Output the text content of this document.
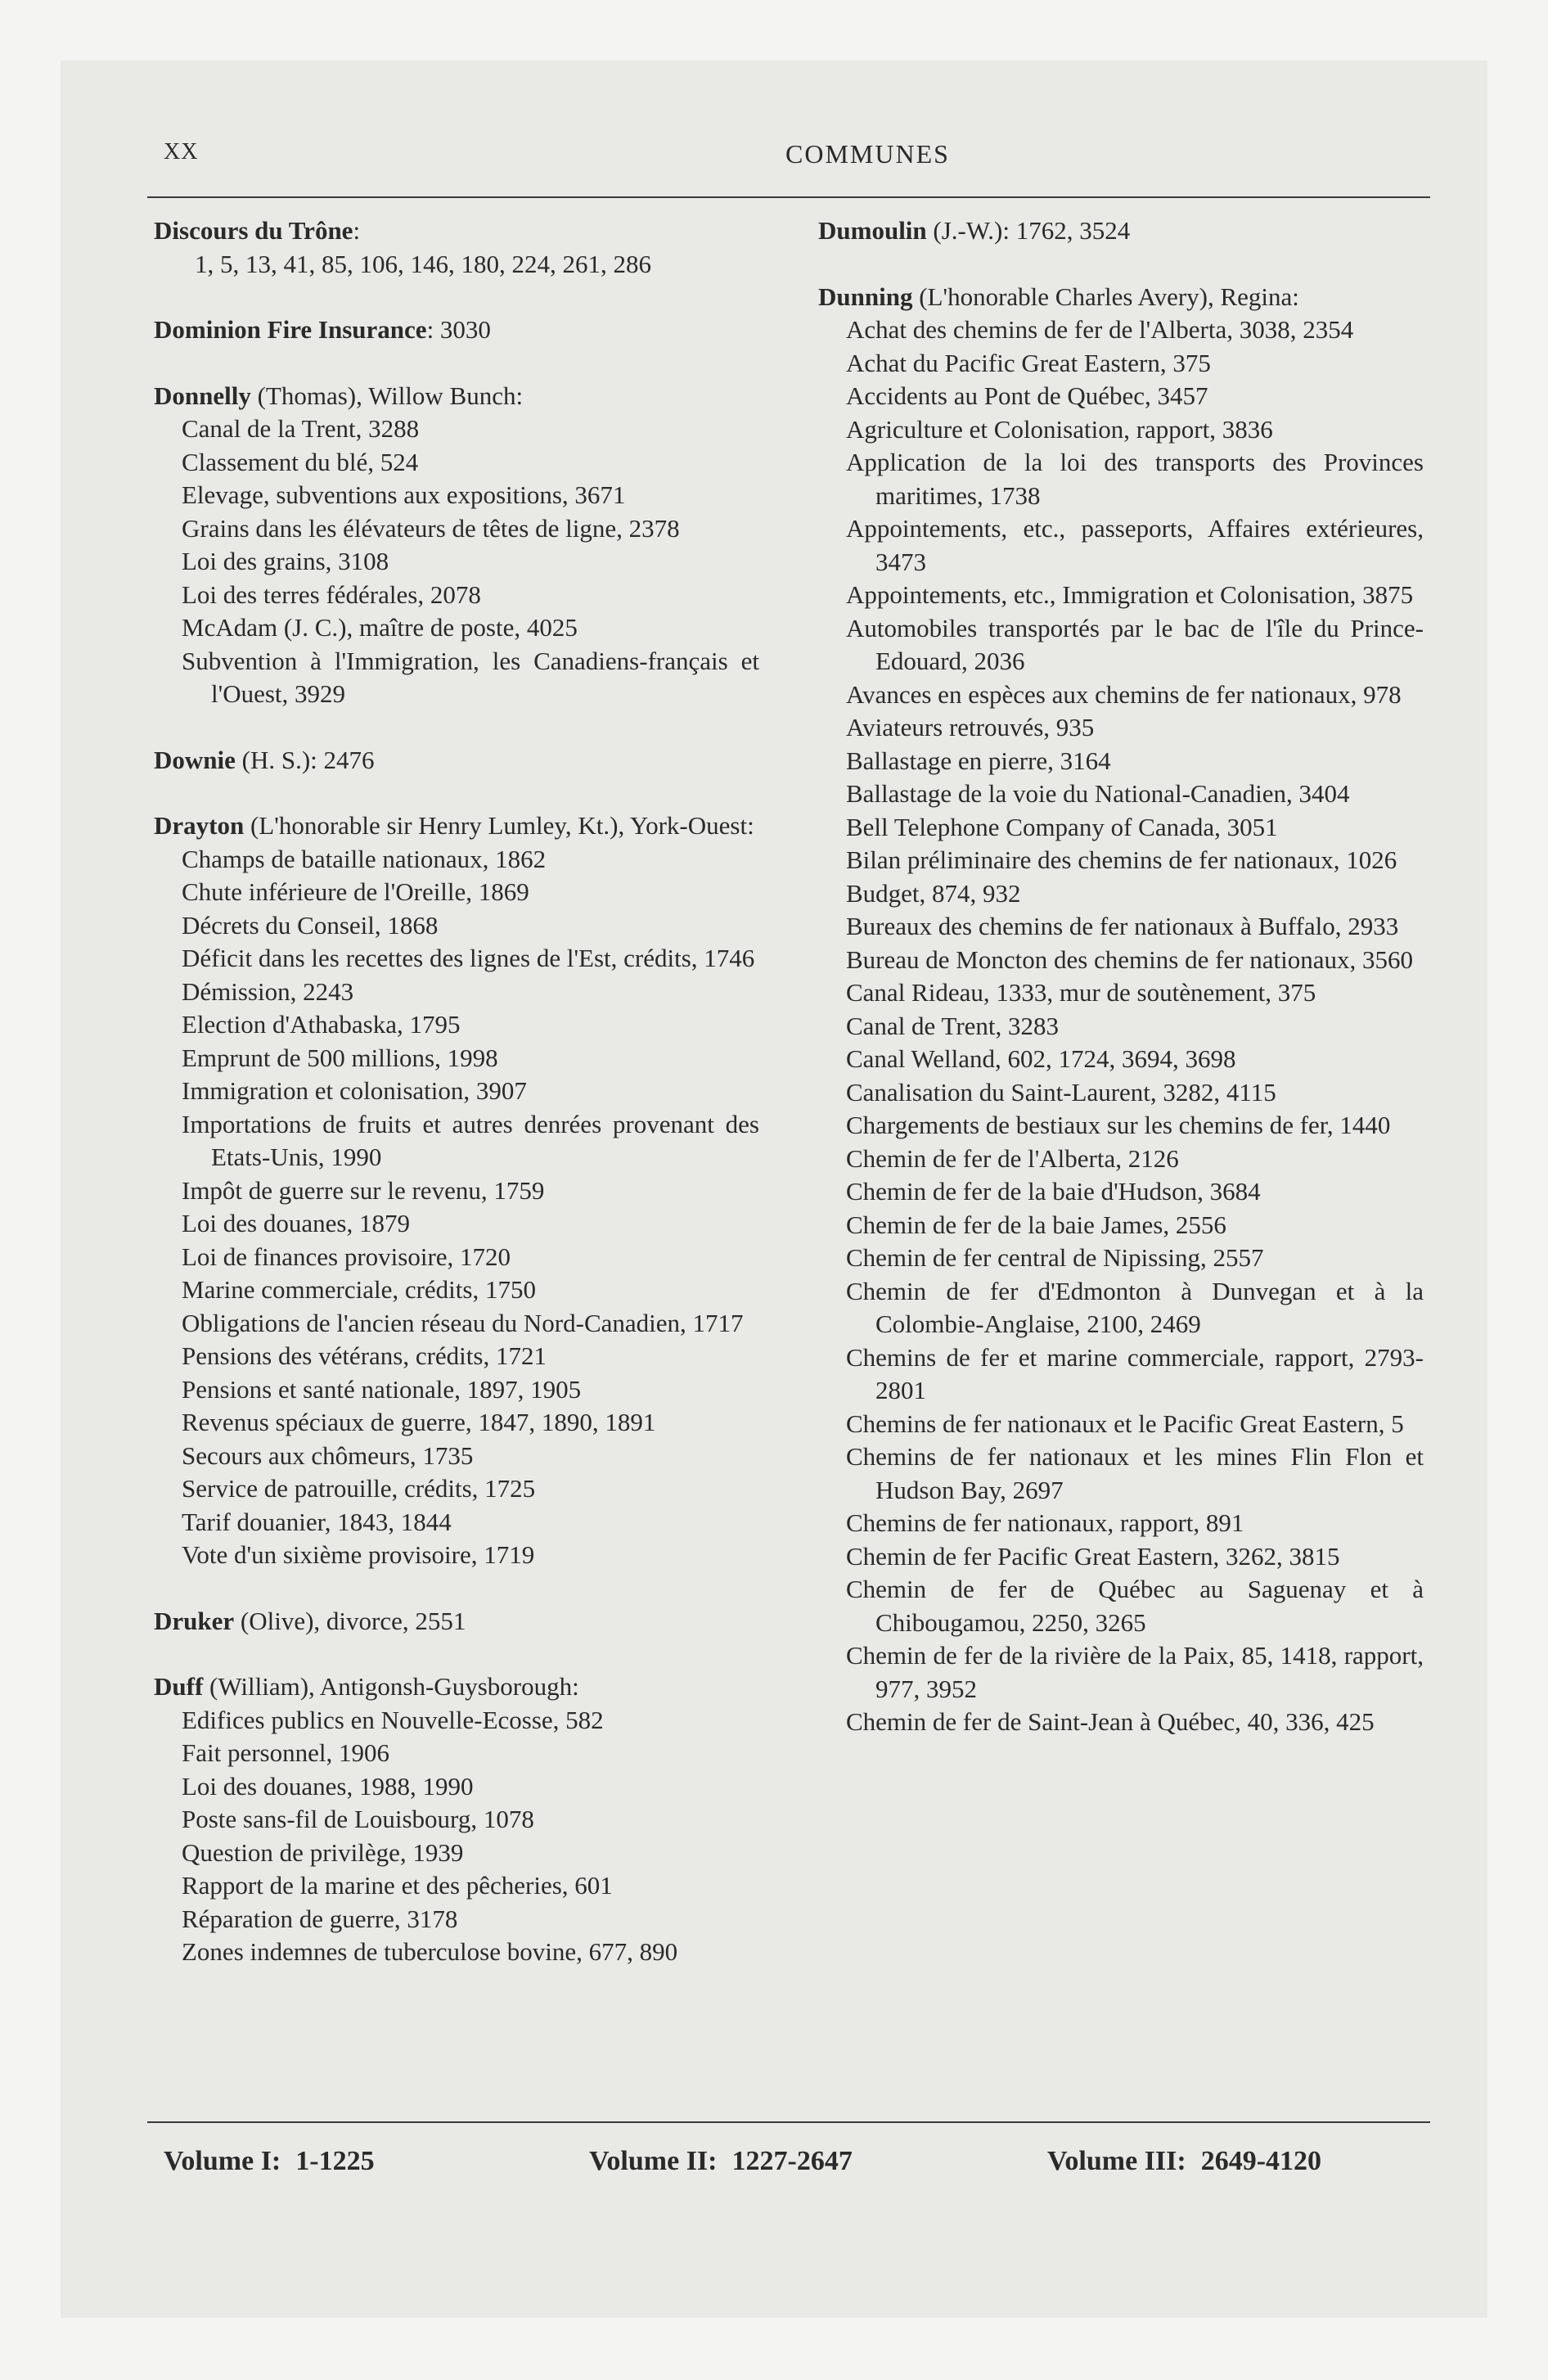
XX	COMMUNES
Discours du Trône:
1, 5, 13, 41, 85, 106, 146, 180, 224, 261, 286
Dominion Fire Insurance: 3030
Donnelly (Thomas), Willow Bunch:
Canal de la Trent, 3288
Classement du blé, 524
Elevage, subventions aux expositions, 3671
Grains dans les élévateurs de têtes de ligne, 2378
Loi des grains, 3108
Loi des terres fédérales, 2078
McAdam (J. C.), maître de poste, 4025
Subvention à l'Immigration, les Canadiens-français et l'Ouest, 3929
Downie (H. S.): 2476
Drayton (L'honorable sir Henry Lumley, Kt.), York-Ouest:
Champs de bataille nationaux, 1862
Chute inférieure de l'Oreille, 1869
Décrets du Conseil, 1868
Déficit dans les recettes des lignes de l'Est, crédits, 1746
Démission, 2243
Election d'Athabaska, 1795
Emprunt de 500 millions, 1998
Immigration et colonisation, 3907
Importations de fruits et autres denrées provenant des Etats-Unis, 1990
Impôt de guerre sur le revenu, 1759
Loi des douanes, 1879
Loi de finances provisoire, 1720
Marine commerciale, crédits, 1750
Obligations de l'ancien réseau du Nord-Canadien, 1717
Pensions des vétérans, crédits, 1721
Pensions et santé nationale, 1897, 1905
Revenus spéciaux de guerre, 1847, 1890, 1891
Secours aux chômeurs, 1735
Service de patrouille, crédits, 1725
Tarif douanier, 1843, 1844
Vote d'un sixième provisoire, 1719
Druker (Olive), divorce, 2551
Duff (William), Antigonsh-Guysborough:
Edifices publics en Nouvelle-Ecosse, 582
Fait personnel, 1906
Loi des douanes, 1988, 1990
Poste sans-fil de Louisbourg, 1078
Question de privilège, 1939
Rapport de la marine et des pêcheries, 601
Réparation de guerre, 3178
Zones indemnes de tuberculose bovine, 677, 890
Dumoulin (J.-W.): 1762, 3524
Dunning (L'honorable Charles Avery), Regina:
Achat des chemins de fer de l'Alberta, 3038, 2354
Achat du Pacific Great Eastern, 375
Accidents au Pont de Québec, 3457
Agriculture et Colonisation, rapport, 3836
Application de la loi des transports des Provinces maritimes, 1738
Appointements, etc., passeports, Affaires extérieures, 3473
Appointements, etc., Immigration et Colonisation, 3875
Automobiles transportés par le bac de l'île du Prince-Edouard, 2036
Avances en espèces aux chemins de fer nationaux, 978
Aviateurs retrouvés, 935
Ballastage en pierre, 3164
Ballastage de la voie du National-Canadien, 3404
Bell Telephone Company of Canada, 3051
Bilan préliminaire des chemins de fer nationaux, 1026
Budget, 874, 932
Bureaux des chemins de fer nationaux à Buffalo, 2933
Bureau de Moncton des chemins de fer nationaux, 3560
Canal Rideau, 1333, mur de soutènement, 375
Canal de Trent, 3283
Canal Welland, 602, 1724, 3694, 3698
Canalisation du Saint-Laurent, 3282, 4115
Chargements de bestiaux sur les chemins de fer, 1440
Chemin de fer de l'Alberta, 2126
Chemin de fer de la baie d'Hudson, 3684
Chemin de fer de la baie James, 2556
Chemin de fer central de Nipissing, 2557
Chemin de fer d'Edmonton à Dunvegan et à la Colombie-Anglaise, 2100, 2469
Chemins de fer et marine commerciale, rapport, 2793-2801
Chemins de fer nationaux et le Pacific Great Eastern, 5
Chemins de fer nationaux et les mines Flin Flon et Hudson Bay, 2697
Chemins de fer nationaux, rapport, 891
Chemin de fer Pacific Great Eastern, 3262, 3815
Chemin de fer de Québec au Saguenay et à Chibougamou, 2250, 3265
Chemin de fer de la rivière de la Paix, 85, 1418, rapport, 977, 3952
Chemin de fer de Saint-Jean à Québec, 40, 336, 425
Volume I: 1-1225	Volume II: 1227-2647	Volume III: 2649-4120
